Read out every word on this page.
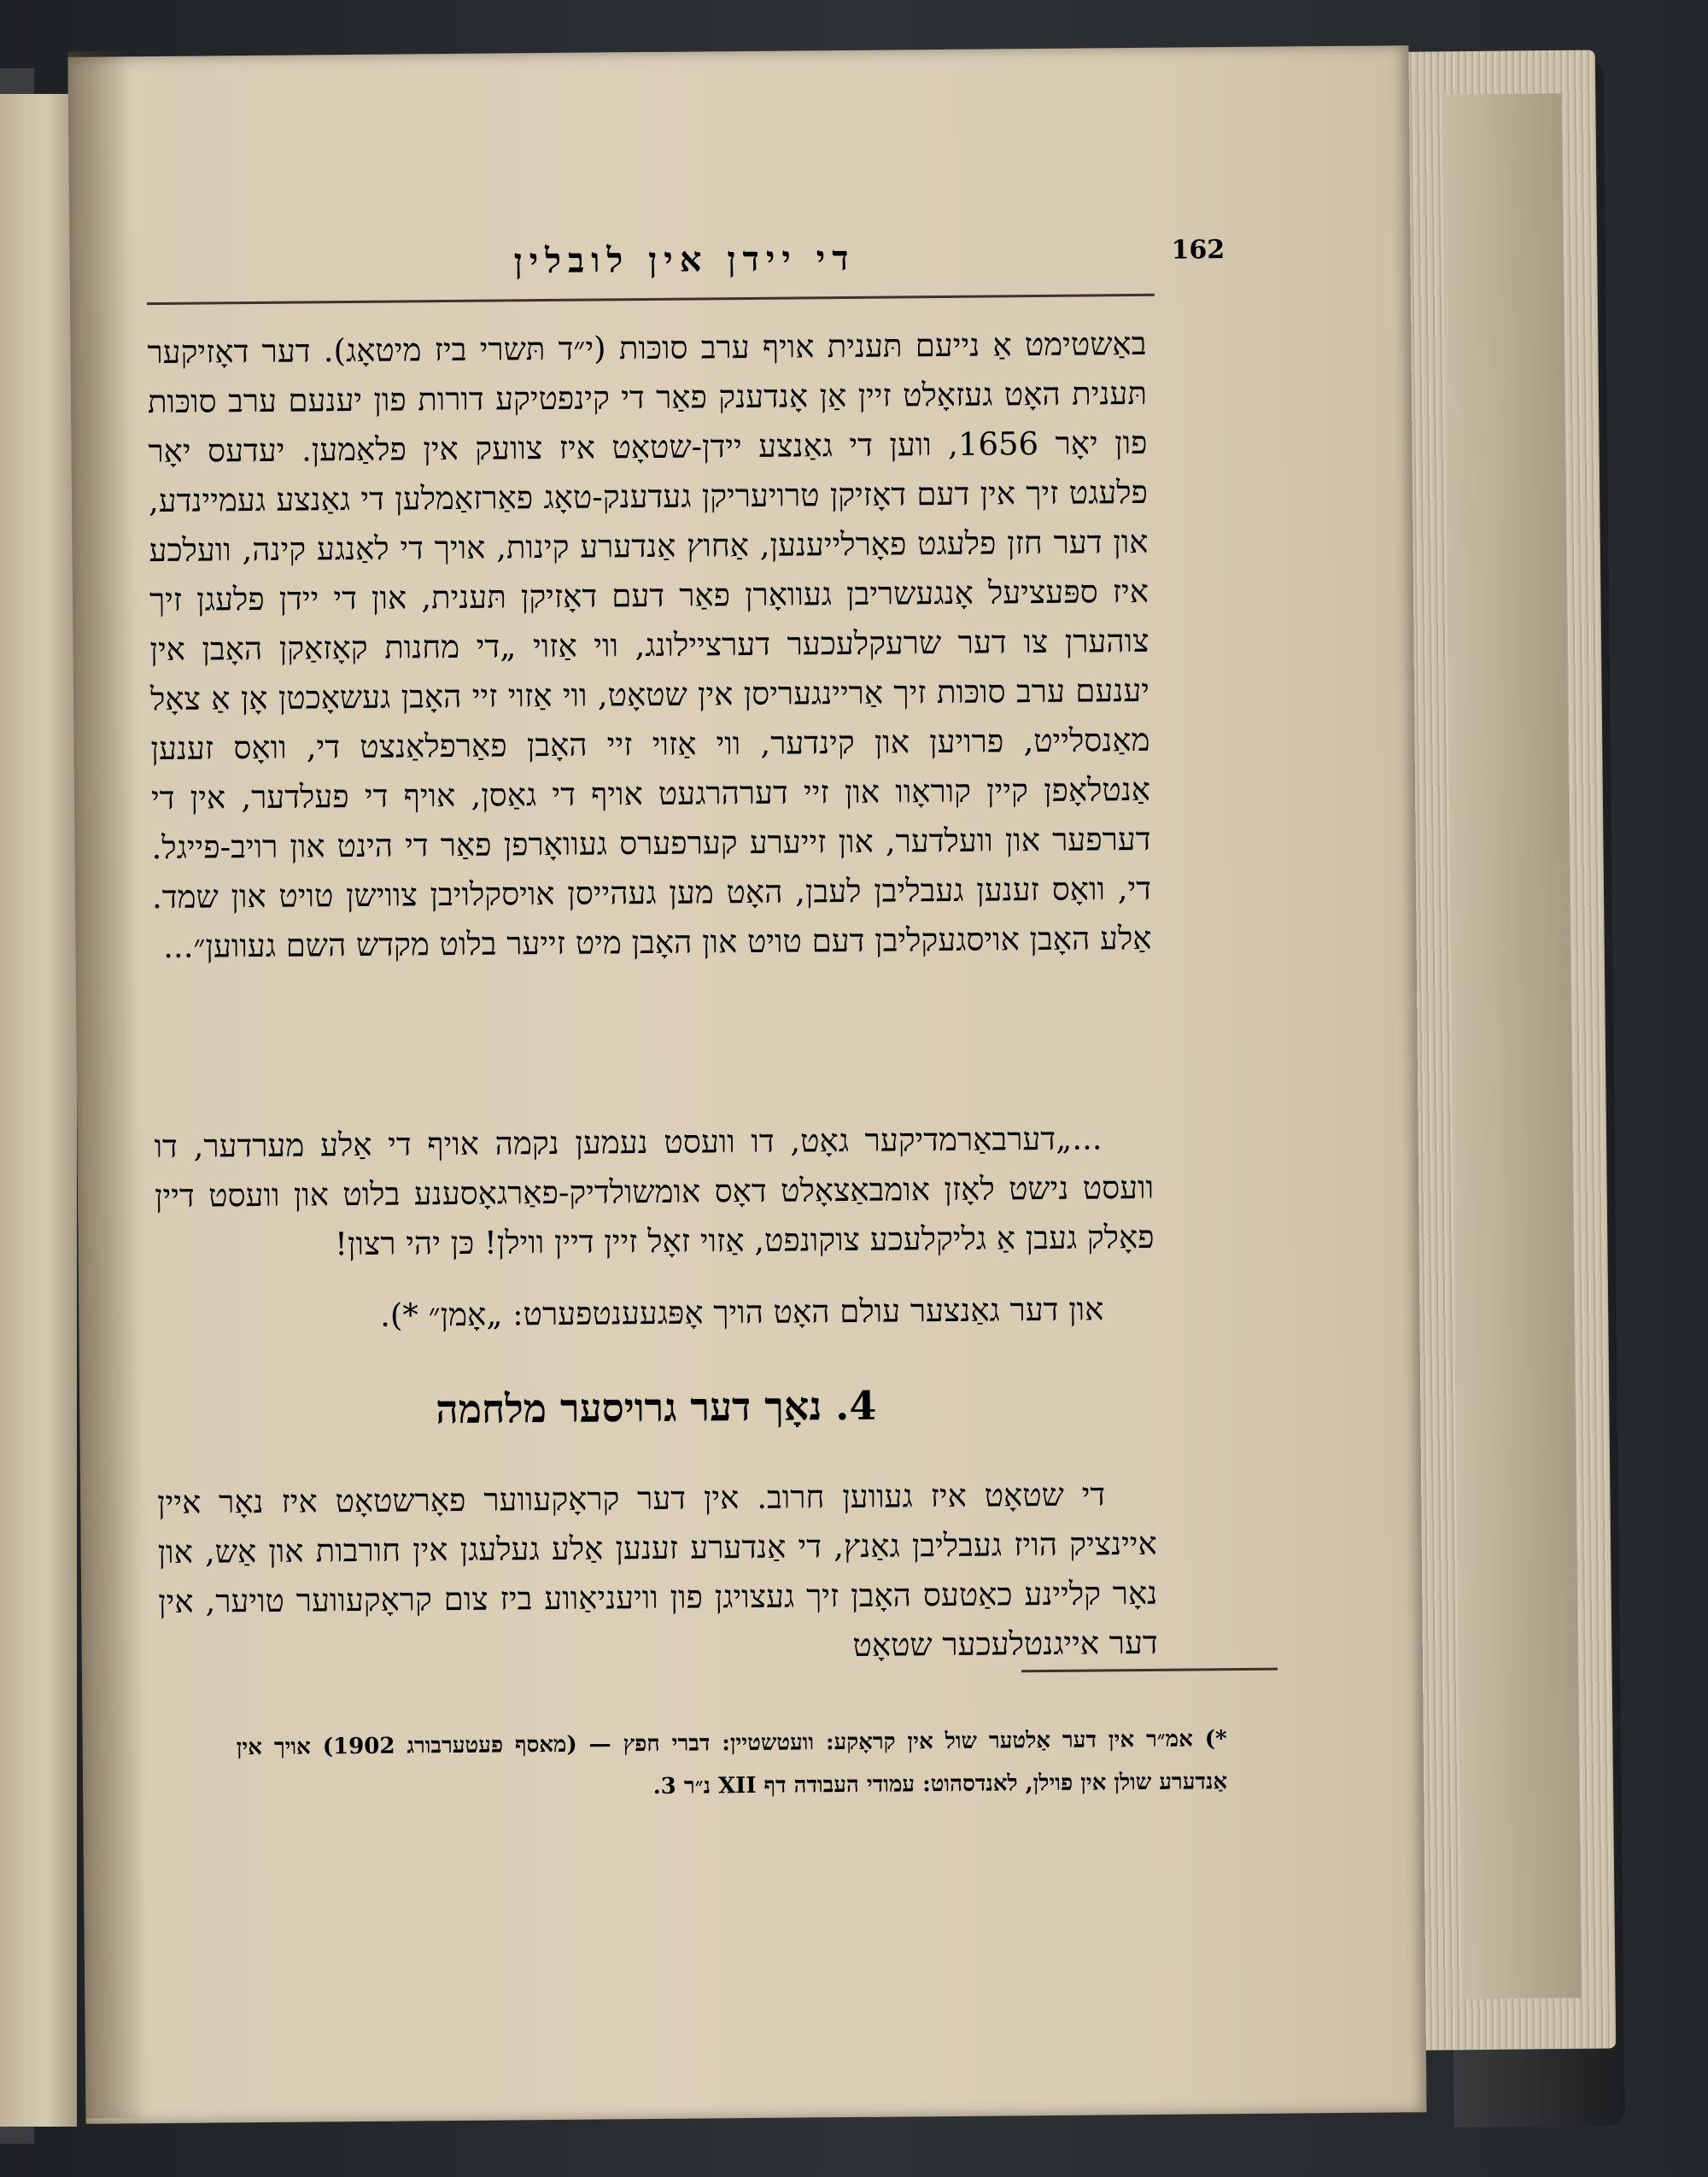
162
די יידן אין לובלין

באַשטימט אַ נייעם תּענית אויף ערב סוכּות (י״ד תּשרי ביז מיטאָג). דער דאָזיקער תּענית האָט געזאָלט זיין אַן אָנדענק פאַר די קינפטיקע דורות פון יענעם ערב סוכּות פון יאָר 1656, ווען די גאַנצע יידן-שטאָט איז צוועק אין פלאַמען. יעדעס יאָר פלעגט זיך אין דעם דאָזיקן טרויעריקן געדענק-טאָג פאַרזאַמלען די גאַנצע געמיינדע, און דער חזן פלעגט פאָרלייענען, אַחוץ אַנדערע קינות, אויך די לאַנגע קינה, וועלכע איז ספּעציעל אָנגעשריבן געוואָרן פאַר דעם דאָזיקן תּענית, און די יידן פלעגן זיך צוהערן צו דער שרעקלעכער דערציילונג, ווי אַזוי „די מחנות קאָזאַקן האָבן אין יענעם ערב סוכּות זיך אַריינגעריסן אין שטאָט, ווי אַזוי זיי האָבן געשאָכטן אָן אַ צאָל מאַנסלייט, פרויען און קינדער, ווי אַזוי זיי האָבן פאַרפלאַנצט די, וואָס זענען אַנטלאָפן קיין קוראָוו און זיי דערהרגעט אויף די גאַסן, אויף די פעלדער, אין די דערפער און וועלדער, און זייערע קערפערס געוואָרפן פאַר די הינט און רויב-פייגל. די, וואָס זענען געבליבן לעבן, האָט מען געהייסן אויסקלויבן צווישן טויט און שמד. אַלע האָבן אויסגעקליבן דעם טויט און האָבן מיט זייער בלוט מקדש השם געווען״...

...„דערבאַרמדיקער גאָט, דו וועסט נעמען נקמה אויף די אַלע מערדער, דו וועסט נישט לאָזן אומבאַצאָלט דאָס אומשולדיק-פאַרגאָסענע בלוט און וועסט דיין פאָלק געבן אַ גליקלעכע צוקונפט, אַזוי זאָל זיין דיין ווילן! כּן יהי רצון!

און דער גאַנצער עולם האָט הויך אָפּגעענטפערט: „אָמן״ *).

4. נאָך דער גרויסער מלחמה

די שטאָט איז געווען חרוב. אין דער קראָקעווער פאָרשטאָט איז נאָר איין איינציק הויז געבליבן גאַנץ, די אַנדערע זענען אַלע געלעגן אין חורבות און אַש, און נאָר קליינע כאַטעס האָבן זיך געצויגן פון וויעניאַווע ביז צום קראָקעווער טויער, אין דער אייגנטלעכער שטאָט

*) אמ״ר אין דער אַלטער שול אין קראָקע: וועטשטיין: דברי חפץ — (מאסף פעטערבורג 1902) אויך אין אַנדערע שולן אין פוילן, לאנדסהוט: עמודי העבודה דף XII נ״ר 3.
